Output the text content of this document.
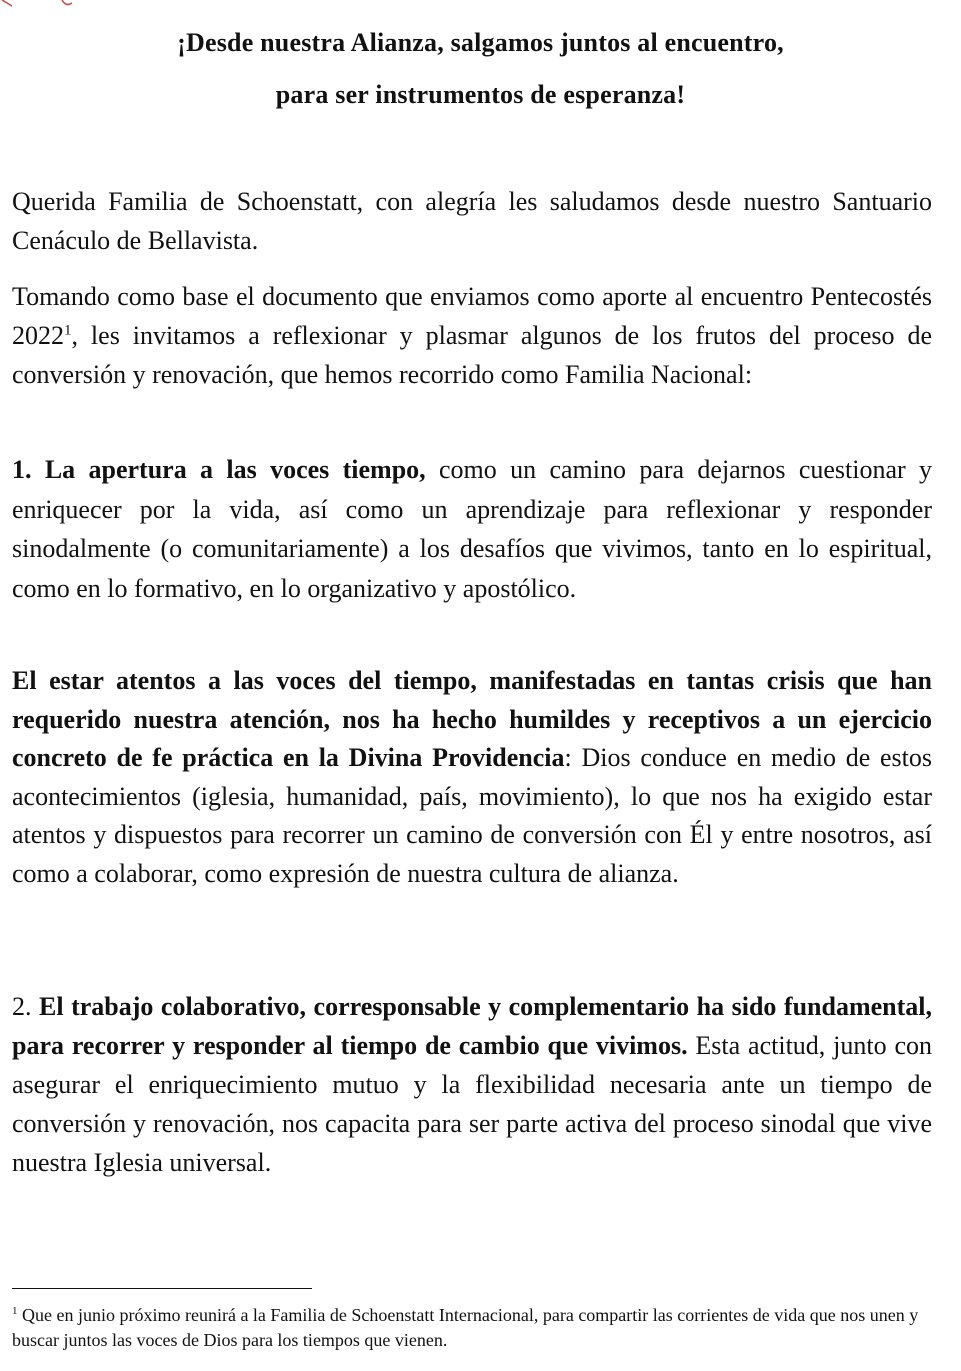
¡Desde nuestra Alianza, salgamos juntos al encuentro,
para ser instrumentos de esperanza!

Querida Familia de Schoenstatt, con alegría les saludamos desde nuestro Santuario Cenáculo de Bellavista.

Tomando como base el documento que enviamos como aporte al encuentro Pentecostés 2022$^1$, les invitamos a reflexionar y plasmar algunos de los frutos del proceso de conversión y renovación, que hemos recorrido como Familia Nacional:

1. La apertura a las voces tiempo, como un camino para dejarnos cuestionar y enriquecer por la vida, así como un aprendizaje para reflexionar y responder sinodalmente (o comunitariamente) a los desafíos que vivimos, tanto en lo espiritual, como en lo formativo, en lo organizativo y apostólico.

El estar atentos a las voces del tiempo, manifestadas en tantas crisis que han requerido nuestra atención, nos ha hecho humildes y receptivos a un ejercicio concreto de fe práctica en la Divina Providencia: Dios conduce en medio de estos acontecimientos (iglesia, humanidad, país, movimiento), lo que nos ha exigido estar atentos y dispuestos para recorrer un camino de conversión con Él y entre nosotros, así como a colaborar, como expresión de nuestra cultura de alianza.

2. El trabajo colaborativo, corresponsable y complementario ha sido fundamental, para recorrer y responder al tiempo de cambio que vivimos. Esta actitud, junto con asegurar el enriquecimiento mutuo y la flexibilidad necesaria ante un tiempo de conversión y renovación, nos capacita para ser parte activa del proceso sinodal que vive nuestra Iglesia universal.

$^1$ Que en junio próximo reunirá a la Familia de Schoenstatt Internacional, para compartir las corrientes de vida que nos unen y buscar juntos las voces de Dios para los tiempos que vienen.
